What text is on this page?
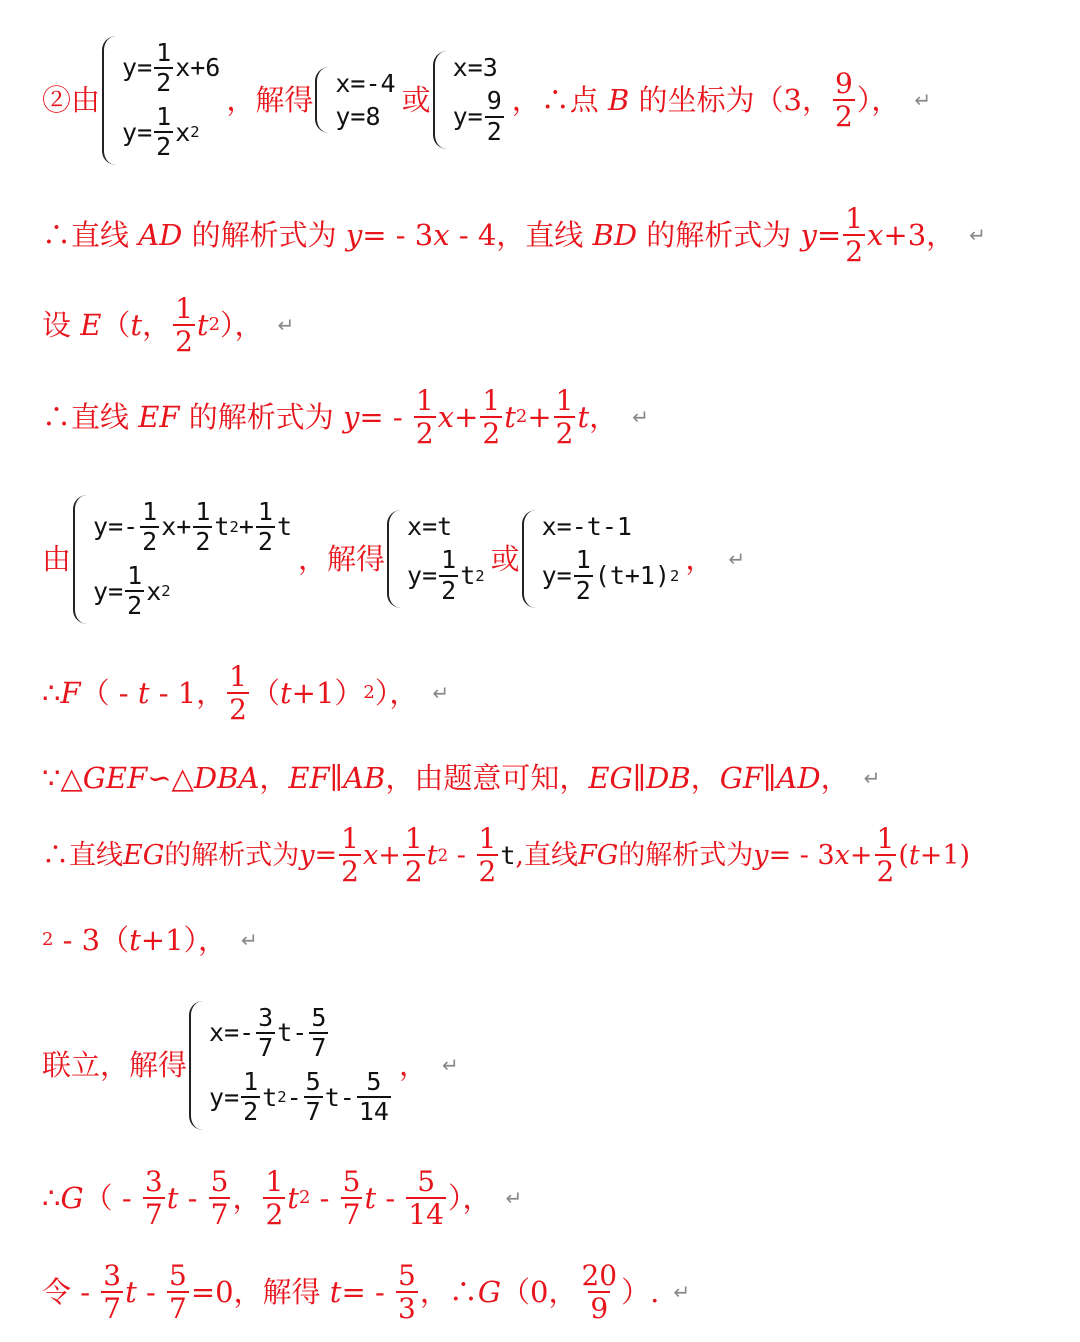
②由
$y= \frac{1}{2} x+6$
$y= \frac{1}{2}$ x 2
，解得 x=-4
y=8 或
x=3
$y= \frac{9}{2}$ ，∴点 B 的坐标为（3， $\frac{9}{2}$ ）， ↵
∴直线 AD 的解析式为 y = - 3 x - 4，直线 BD 的解析式为 $y = \frac{1}{2}$ x +3， ↵
设 E （ t ， $\frac{1}{2}$ t 2 ）， ↵
∴直线 EF 的解析式为 y = - $\frac{1}{2}$ $x + \frac{1}{2}$ t $2 + \frac{1}{2}$ t ， ↵
由
$y=- \frac{1}{2} x+ \frac{1}{2}$ t $2 + \frac{1}{2}$ t
$y= \frac{1}{2}$ x 2
，解得
x=t
$y= \frac{1}{2}$ t 2 或
x=-t-1
$y= \frac{1}{2} (t+1)$ 2 ， ↵
∴ F （ - t - 1， $\frac{1}{2}$ （ t +1） 2 ）， ↵
∵△ GEF ∽△ DBA ， EF ∥ AB ，由题意可知， EG ∥ DB ， GF ∥ AD ， ↵
∴直线 EG 的解析式为 $y = \frac{1}{2}$ $x + \frac{1}{2}$ t $2 - \frac{1}{2}$ t ,直线 FG 的解析式为 y = - 3 $x + \frac{1}{2}$ ( t +1)
2 - 3（ t +1）， ↵
联立，解得
$x=- \frac{3}{7} t- \frac{5}{7}$
$y= \frac{1}{2}$ t $2 - \frac{5}{7} t- \frac{5}{14}$
， ↵
∴ G （ - $\frac{3}{7}$ t - $\frac{5}{7}$ ， $\frac{1}{2}$ t $2 - \frac{5}{7}$ t - $\frac{5}{14}$ ）， ↵
令 - $\frac{3}{7}$ $t - \frac{5}{7} =0$，解得 t = - $\frac{5}{3}$ ，∴ G （0， $\frac{20}{9}$ ）. ↵
